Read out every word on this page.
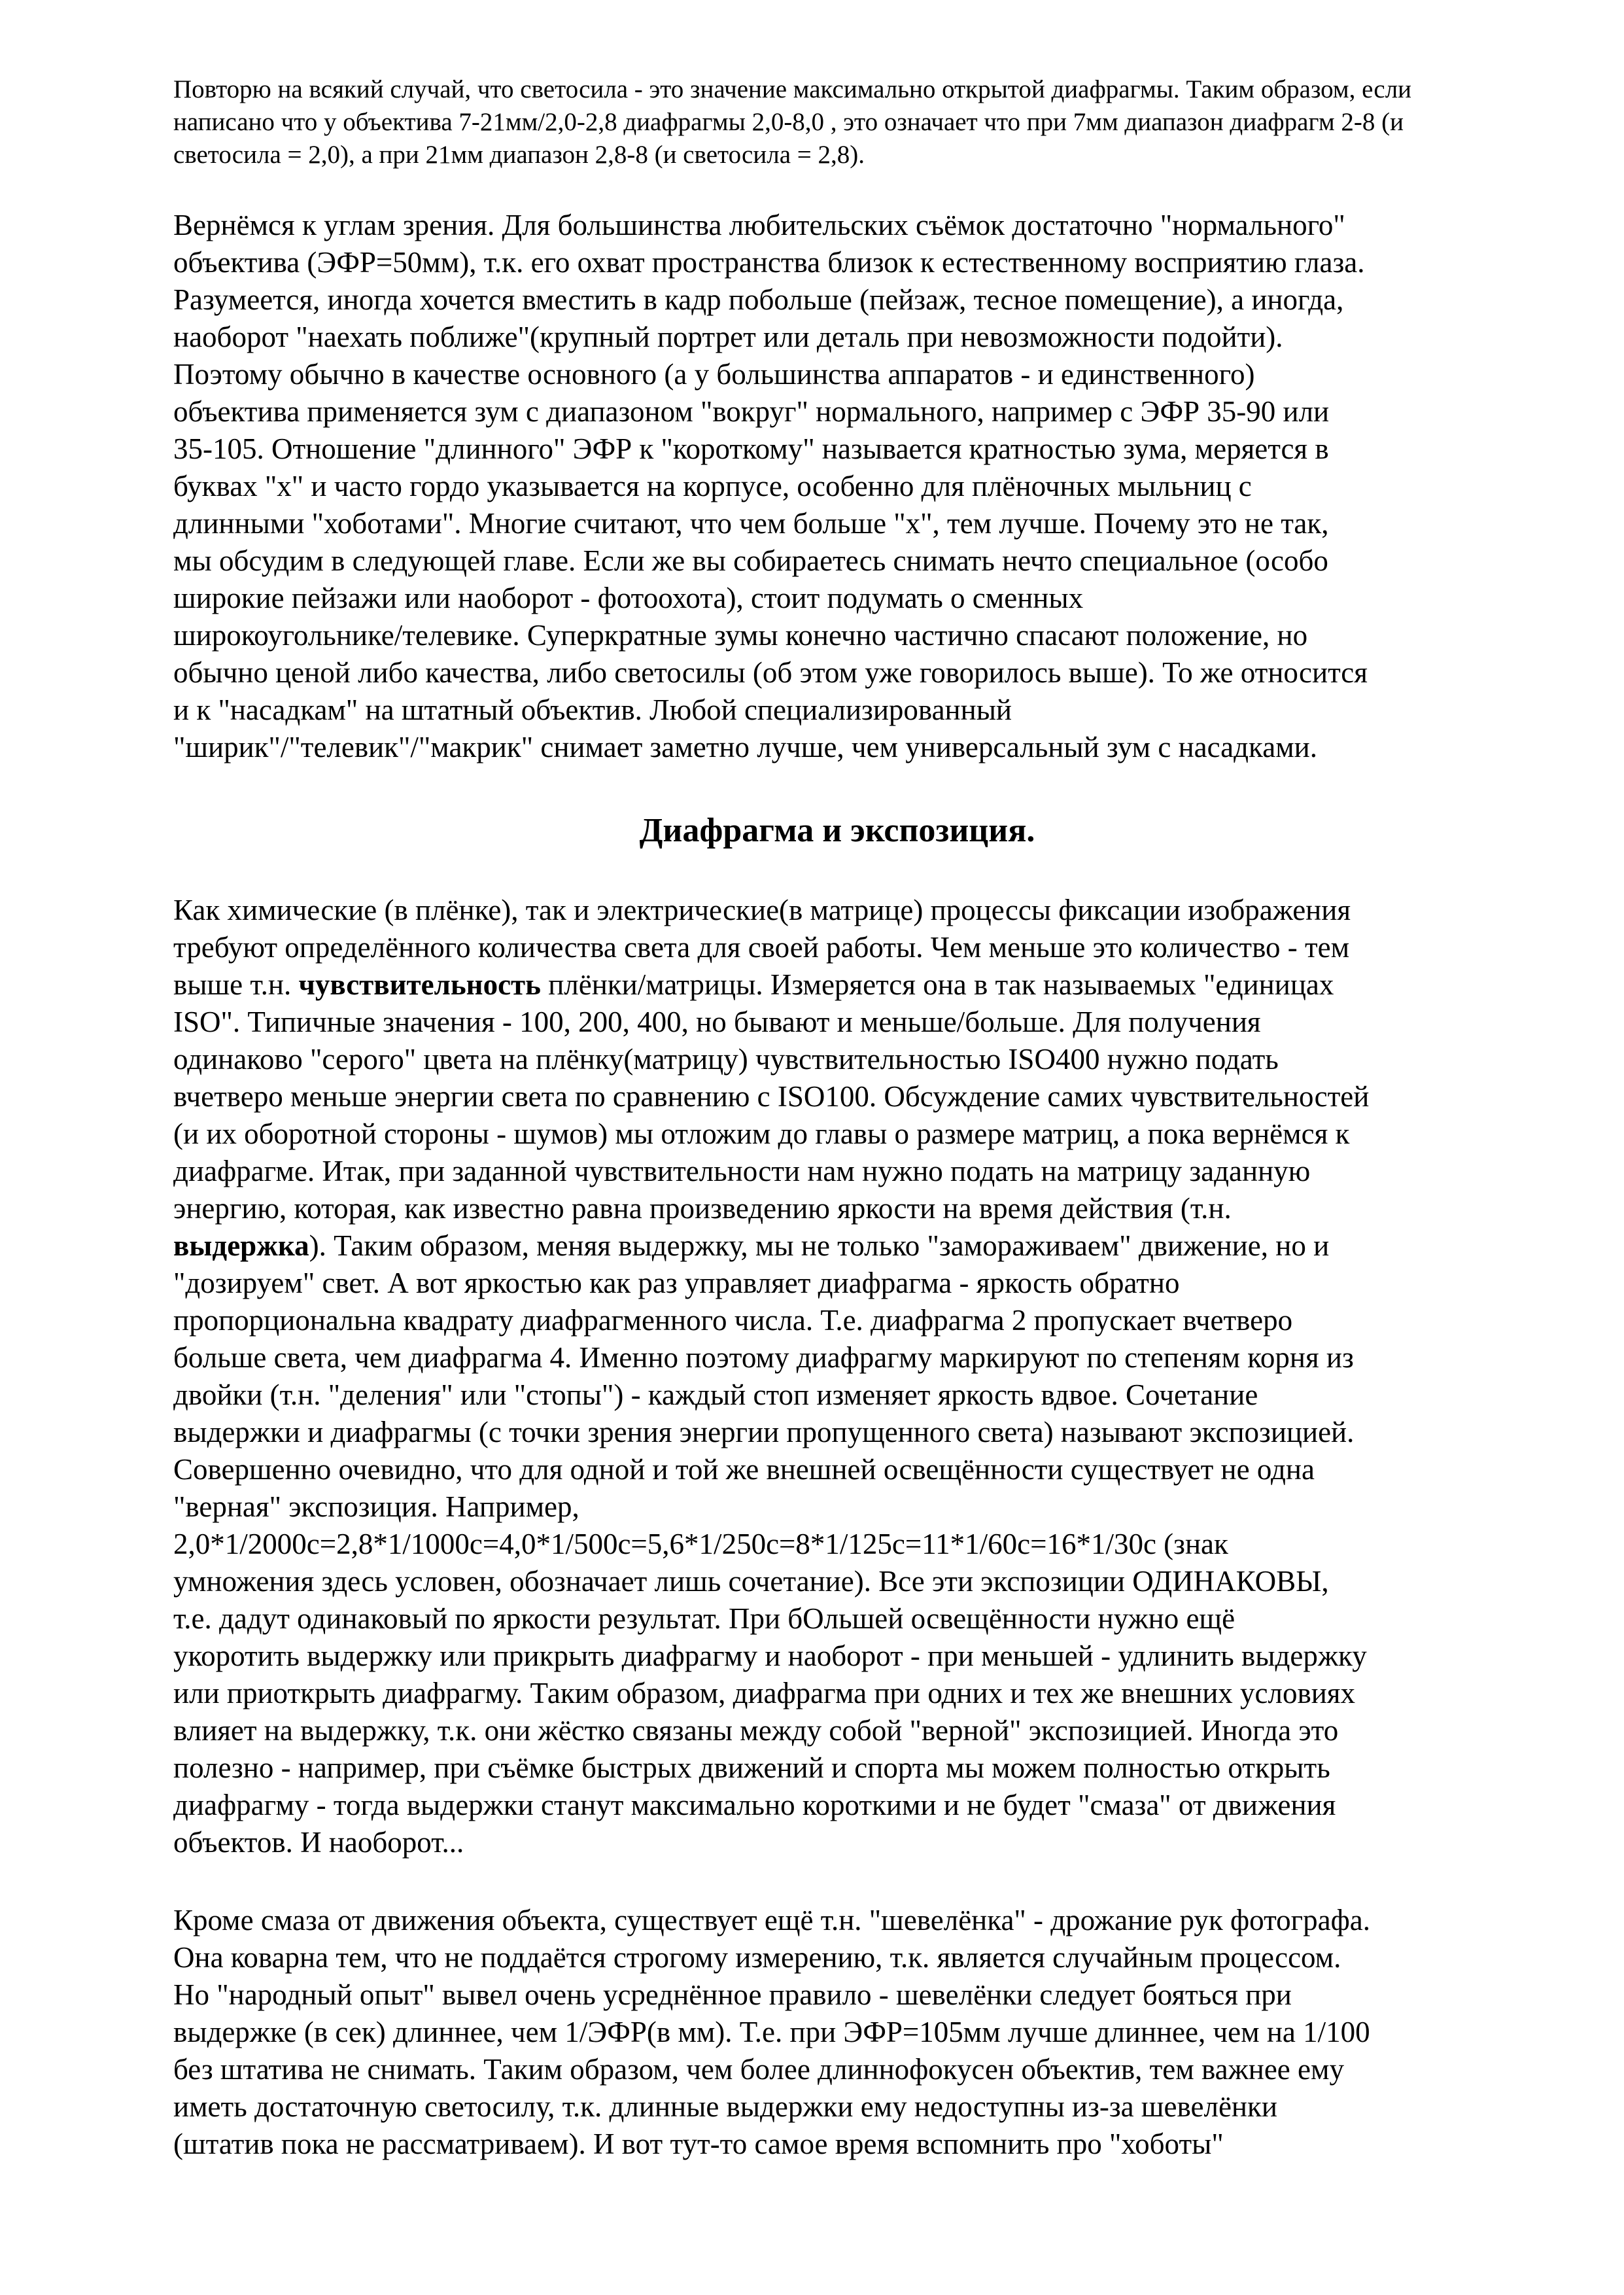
Повторю на всякий случай, что светосила - это значение максимально открытой диафрагмы. Таким образом, если
написано что у объектива 7-21мм/2,0-2,8 диафрагмы 2,0-8,0 , это означает что при 7мм диапазон диафрагм 2-8 (и
светосила = 2,0), а при 21мм диапазон 2,8-8 (и светосила = 2,8).

Вернёмся к углам зрения. Для большинства любительских съёмок достаточно "нормального"
объектива (ЭФР=50мм), т.к. его охват пространства близок к естественному восприятию глаза.
Разумеется, иногда хочется вместить в кадр побольше (пейзаж, тесное помещение), а иногда,
наоборот "наехать поближе"(крупный портрет или деталь при невозможности подойти).
Поэтому обычно в качестве основного (а у большинства аппаратов - и единственного)
объектива применяется зум с диапазоном "вокруг" нормального, например с ЭФР 35-90 или
35-105. Отношение "длинного" ЭФР к "короткому" называется кратностью зума, меряется в
буквах "х" и часто гордо указывается на корпусе, особенно для плёночных мыльниц с
длинными "хоботами". Многие считают, что чем больше "х", тем лучше. Почему это не так,
мы обсудим в следующей главе. Если же вы собираетесь снимать нечто специальное (особо
широкие пейзажи или наоборот - фотоохота), стоит подумать о сменных
широкоугольнике/телевике. Суперкратные зумы конечно частично спасают положение, но
обычно ценой либо качества, либо светосилы (об этом уже говорилось выше). То же относится
и к "насадкам" на штатный объектив. Любой специализированный
"ширик"/"телевик"/"макрик" снимает заметно лучше, чем универсальный зум с насадками.

Диафрагма и экспозиция.

Как химические (в плёнке), так и электрические(в матрице) процессы фиксации изображения
требуют определённого количества света для своей работы. Чем меньше это количество - тем
выше т.н. чувствительность плёнки/матрицы. Измеряется она в так называемых "единицах
ISO". Типичные значения - 100, 200, 400, но бывают и меньше/больше. Для получения
одинаково "серого" цвета на плёнку(матрицу) чувствительностью ISO400 нужно подать
вчетверо меньше энергии света по сравнению с ISO100. Обсуждение самих чувствительностей
(и их оборотной стороны - шумов) мы отложим до главы о размере матриц, а пока вернёмся к
диафрагме. Итак, при заданной чувствительности нам нужно подать на матрицу заданную
энергию, которая, как известно равна произведению яркости на время действия (т.н.
выдержка). Таким образом, меняя выдержку, мы не только "замораживаем" движение, но и
"дозируем" свет. А вот яркостью как раз управляет диафрагма - яркость обратно
пропорциональна квадрату диафрагменного числа. Т.е. диафрагма 2 пропускает вчетверо
больше света, чем диафрагма 4. Именно поэтому диафрагму маркируют по степеням корня из
двойки (т.н. "деления" или "стопы") - каждый стоп изменяет яркость вдвое. Сочетание
выдержки и диафрагмы (с точки зрения энергии пропущенного света) называют экспозицией.
Совершенно очевидно, что для одной и той же внешней освещённости существует не одна
"верная" экспозиция. Например,
2,0*1/2000с=2,8*1/1000с=4,0*1/500с=5,6*1/250с=8*1/125с=11*1/60с=16*1/30с (знак
умножения здесь условен, обозначает лишь сочетание). Все эти экспозиции ОДИНАКОВЫ,
т.е. дадут одинаковый по яркости результат. При бОльшей освещённости нужно ещё
укоротить выдержку или прикрыть диафрагму и наоборот - при меньшей - удлинить выдержку
или приоткрыть диафрагму. Таким образом, диафрагма при одних и тех же внешних условиях
влияет на выдержку, т.к. они жёстко связаны между собой "верной" экспозицией. Иногда это
полезно - например, при съёмке быстрых движений и спорта мы можем полностью открыть
диафрагму - тогда выдержки станут максимально короткими и не будет "смаза" от движения
объектов. И наоборот...

Кроме смаза от движения объекта, существует ещё т.н. "шевелёнка" - дрожание рук фотографа.
Она коварна тем, что не поддаётся строгому измерению, т.к. является случайным процессом.
Но "народный опыт" вывел очень усреднённое правило - шевелёнки следует бояться при
выдержке (в сек) длиннее, чем 1/ЭФР(в мм). Т.е. при ЭФР=105мм лучше длиннее, чем на 1/100
без штатива не снимать. Таким образом, чем более длиннофокусен объектив, тем важнее ему
иметь достаточную светосилу, т.к. длинные выдержки ему недоступны из-за шевелёнки
(штатив пока не рассматриваем). И вот тут-то самое время вспомнить про "хоботы"
